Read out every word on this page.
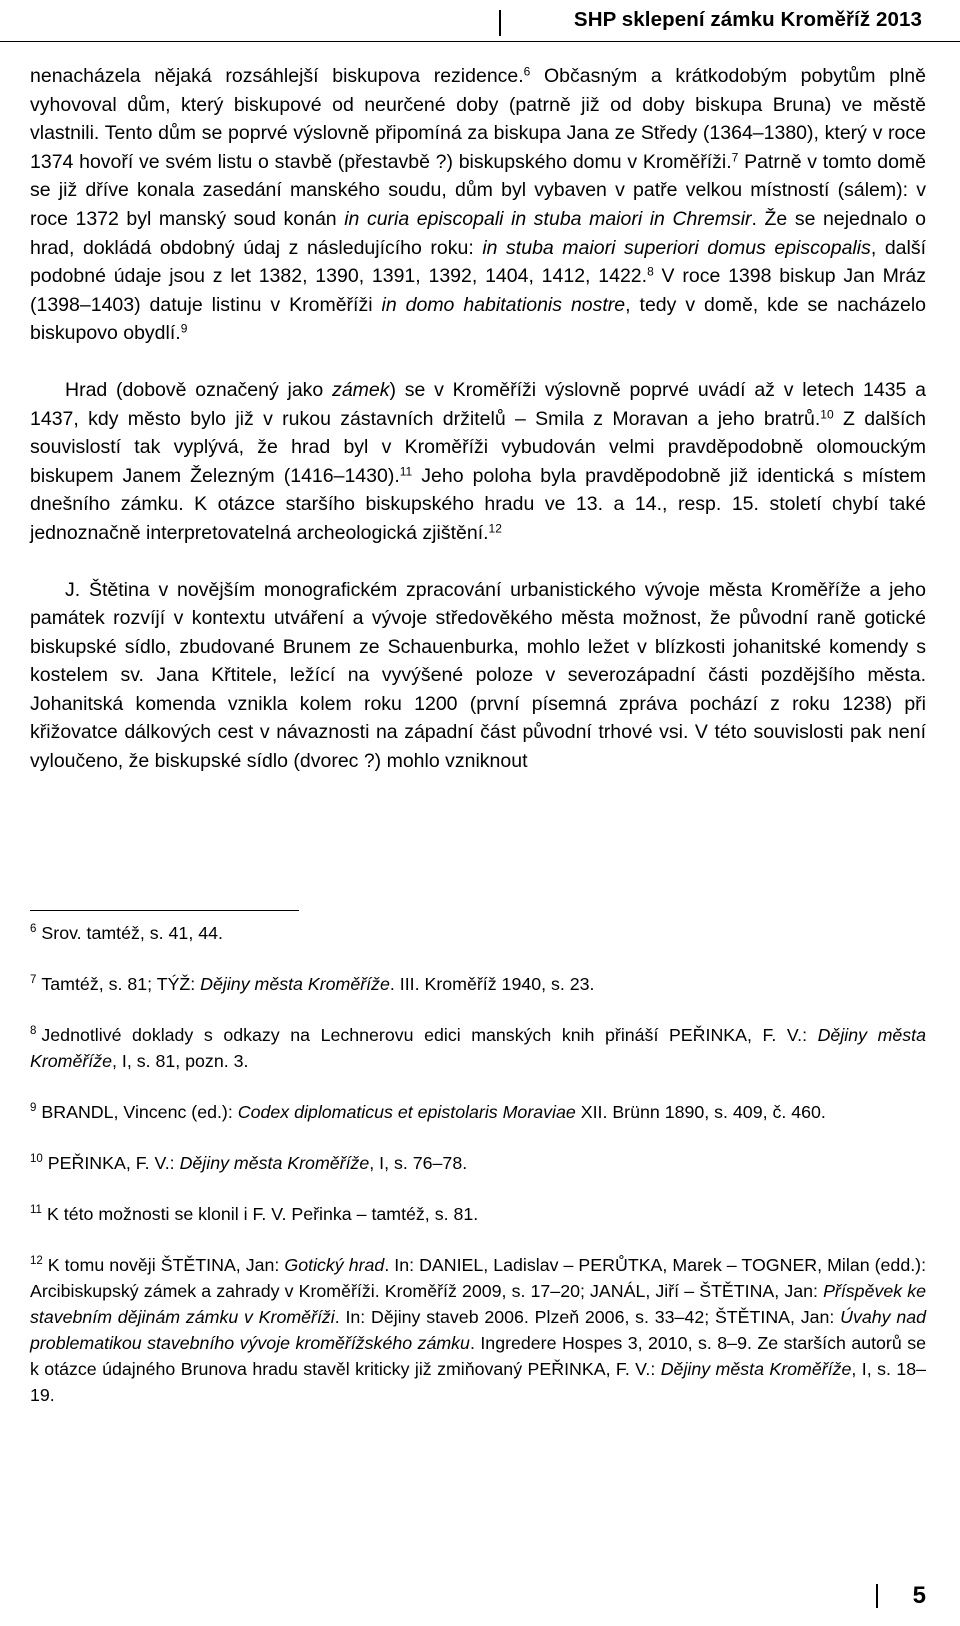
SHP sklepení zámku Kroměříž 2013

nenacházela nějaká rozsáhlejší biskupova rezidence.$^6$ Občasným a krátkodobým pobytům plně vyhovoval dům, který biskupové od neurčené doby (patrně již od doby biskupa Bruna) ve městě vlastnili. Tento dům se poprvé výslovně připomíná za biskupa Jana ze Středy (1364–1380), který v roce 1374 hovoří ve svém listu o stavbě (přestavbě ?) biskupského domu v Kroměříži.$^7$ Patrně v tomto domě se již dříve konala zasedání manského soudu, dům byl vybaven v patře velkou místností (sálem): v roce 1372 byl manský soud konán in curia episcopali in stuba maiori in Chremsir. Že se nejednalo o hrad, dokládá obdobný údaj z následujícího roku: in stuba maiori superiori domus episcopalis, další podobné údaje jsou z let 1382, 1390, 1391, 1392, 1404, 1412, 1422.$^8$ V roce 1398 biskup Jan Mráz (1398–1403) datuje listinu v Kroměříži in domo habitationis nostre, tedy v domě, kde se nacházelo biskupovo obydlí.$^9$

Hrad (dobově označený jako zámek) se v Kroměříži výslovně poprvé uvádí až v letech 1435 a 1437, kdy město bylo již v rukou zástavních držitelů – Smila z Moravan a jeho bratrů.$^{10}$ Z dalších souvislostí tak vyplývá, že hrad byl v Kroměříži vybudován velmi pravděpodobně olomouckým biskupem Janem Železným (1416–1430).$^{11}$ Jeho poloha byla pravděpodobně již identická s místem dnešního zámku. K otázce staršího biskupského hradu ve 13. a 14., resp. 15. století chybí také jednoznačně interpretovatelná archeologická zjištění.$^{12}$

J. Štětina v novějším monografickém zpracování urbanistického vývoje města Kroměříže a jeho památek rozvíjí v kontextu utváření a vývoje středověkého města možnost, že původní raně gotické biskupské sídlo, zbudované Brunem ze Schauenburka, mohlo ležet v blízkosti johanitské komendy s kostelem sv. Jana Křtitele, ležící na vyvýšené poloze v severozápadní části pozdějšího města. Johanitská komenda vznikla kolem roku 1200 (první písemná zpráva pochází z roku 1238) při křižovatce dálkových cest v návaznosti na západní část původní trhové vsi. V této souvislosti pak není vyloučeno, že biskupské sídlo (dvorec ?) mohlo vzniknout

$^6$ Srov. tamtéž, s. 41, 44.

$^7$ Tamtéž, s. 81; TÝŽ: Dějiny města Kroměříže. III. Kroměříž 1940, s. 23.

$^8$ Jednotlivé doklady s odkazy na Lechnerovu edici manských knih přináší PEŘINKA, F. V.: Dějiny města Kroměříže, I, s. 81, pozn. 3.

$^9$ BRANDL, Vincenc (ed.): Codex diplomaticus et epistolaris Moraviae XII. Brünn 1890, s. 409, č. 460.

$^{10}$ PEŘINKA, F. V.: Dějiny města Kroměříže, I, s. 76–78.

$^{11}$ K této možnosti se klonil i F. V. Peřinka – tamtéž, s. 81.

$^{12}$ K tomu nověji ŠTĚTINA, Jan: Gotický hrad. In: DANIEL, Ladislav – PERŮTKA, Marek – TOGNER, Milan (edd.): Arcibiskupský zámek a zahrady v Kroměříži. Kroměříž 2009, s. 17–20; JANÁL, Jiří – ŠTĚTINA, Jan: Příspěvek ke stavebním dějinám zámku v Kroměříži. In: Dějiny staveb 2006. Plzeň 2006, s. 33–42; ŠTĚTINA, Jan: Úvahy nad problematikou stavebního vývoje kroměřížského zámku. Ingredere Hospes 3, 2010, s. 8–9. Ze starších autorů se k otázce údajného Brunova hradu stavěl kriticky již zmiňovaný PEŘINKA, F. V.: Dějiny města Kroměříže, I, s. 18–19.

5
